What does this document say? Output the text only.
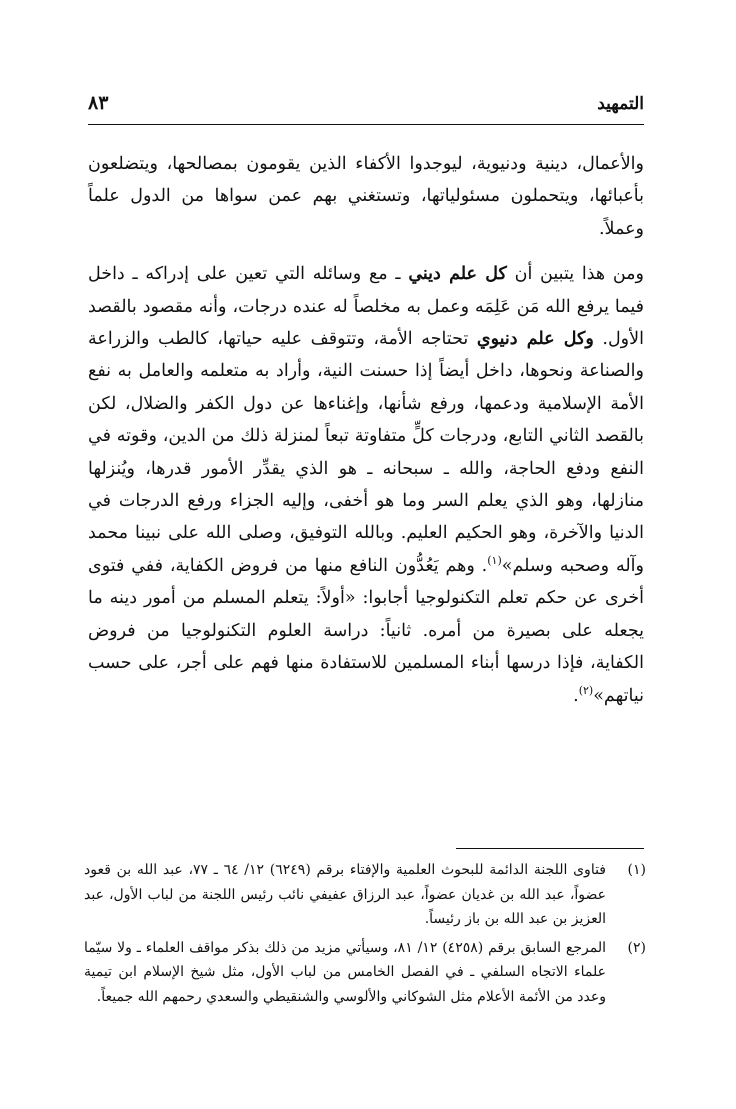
التمهيد
٨٣

والأعمال، دينية ودنيوية، ليوجدوا الأكفاء الذين يقومون بمصالحها، ويتضلعون بأعبائها، ويتحملون مسئولياتها، وتستغني بهم عمن سواها من الدول علماً وعملاً.

ومن هذا يتبين أن كل علم ديني ـ مع وسائله التي تعين على إدراكه ـ داخل فيما يرفع الله مَن عَلِمَه وعمل به مخلصاً له عنده درجات، وأنه مقصود بالقصد الأول. وكل علم دنيوي تحتاجه الأمة، وتتوقف عليه حياتها، كالطب والزراعة والصناعة ونحوها، داخل أيضاً إذا حسنت النية، وأراد به متعلمه والعامل به نفع الأمة الإسلامية ودعمها، ورفع شأنها، وإغناءها عن دول الكفر والضلال، لكن بالقصد الثاني التابع، ودرجات كلٍّ متفاوتة تبعاً لمنزلة ذلك من الدين، وقوته في النفع ودفع الحاجة، والله ـ سبحانه ـ هو الذي يقدِّر الأمور قدرها، ويُنزلها منازلها، وهو الذي يعلم السر وما هو أخفى، وإليه الجزاء ورفع الدرجات في الدنيا والآخرة، وهو الحكيم العليم. وبالله التوفيق، وصلى الله على نبينا محمد وآله وصحبه وسلم»$^{(١)}$. وهم يَعُدُّون النافع منها من فروض الكفاية، ففي فتوى أخرى عن حكم تعلم التكنولوجيا أجابوا: «أولاً: يتعلم المسلم من أمور دينه ما يجعله على بصيرة من أمره. ثانياً: دراسة العلوم التكنولوجيا من فروض الكفاية، فإذا درسها أبناء المسلمين للاستفادة منها فهم على أجر، على حسب نياتهم»$^{(٢)}$.

(١)
فتاوى اللجنة الدائمة للبحوث العلمية والإفتاء برقم (٦٢٤٩) ١٢/ ٦٤ ـ ٧٧، عبد الله بن قعود عضواً، عبد الله بن غديان عضواً، عبد الرزاق عفيفي نائب رئيس اللجنة من لباب الأول، عبد العزيز بن عبد الله بن باز رئيساً.
(٢)
المرجع السابق برقم (٤٢٥٨) ١٢/ ٨١، وسيأتي مزيد من ذلك بذكر مواقف العلماء ـ ولا سيّما علماء الاتجاه السلفي ـ في الفصل الخامس من لباب الأول، مثل شيخ الإسلام ابن تيمية وعدد من الأئمة الأعلام مثل الشوكاني والألوسي والشنقيطي والسعدي رحمهم الله جميعاً.
